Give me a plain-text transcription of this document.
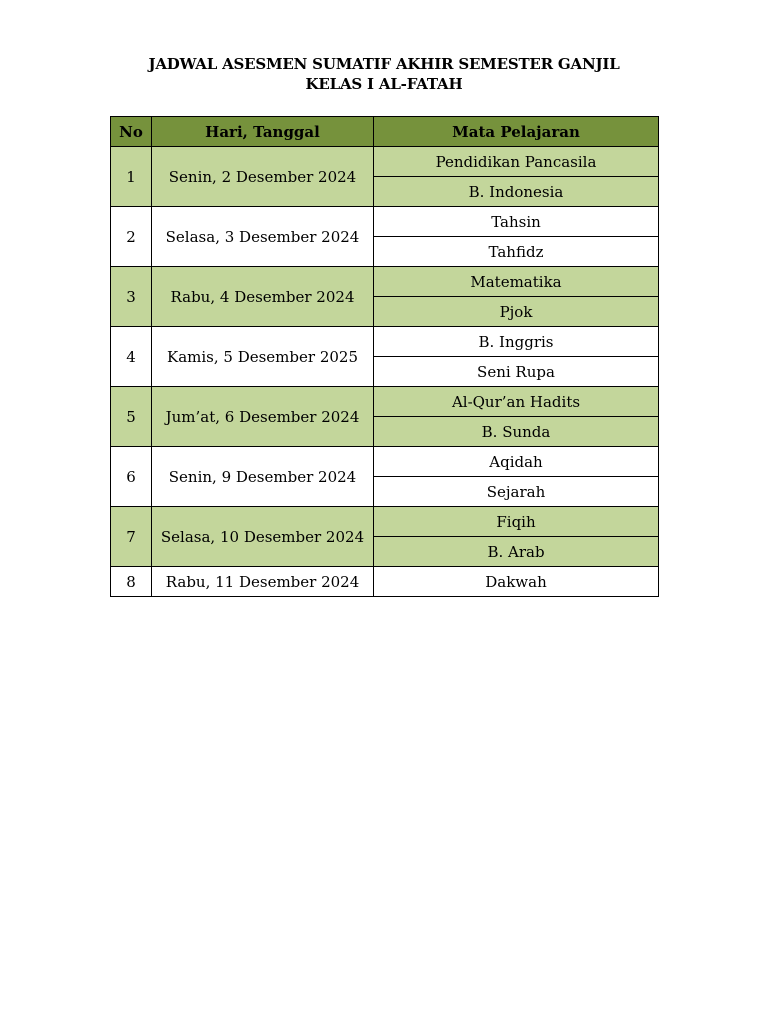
JADWAL ASESMEN SUMATIF AKHIR SEMESTER GANJIL
KELAS I AL-FATAH
No	Hari, Tanggal	Mata Pelajaran
1	Senin, 2 Desember 2024	Pendidikan Pancasila
		B. Indonesia
2	Selasa, 3 Desember 2024	Tahsin
		Tahfidz
3	Rabu, 4 Desember 2024	Matematika
		Pjok
4	Kamis, 5 Desember 2025	B. Inggris
		Seni Rupa
5	Jum’at, 6 Desember 2024	Al-Qur’an Hadits
		B. Sunda
6	Senin, 9 Desember 2024	Aqidah
		Sejarah
7	Selasa, 10 Desember 2024	Fiqih
		B. Arab
8	Rabu, 11 Desember 2024	Dakwah
